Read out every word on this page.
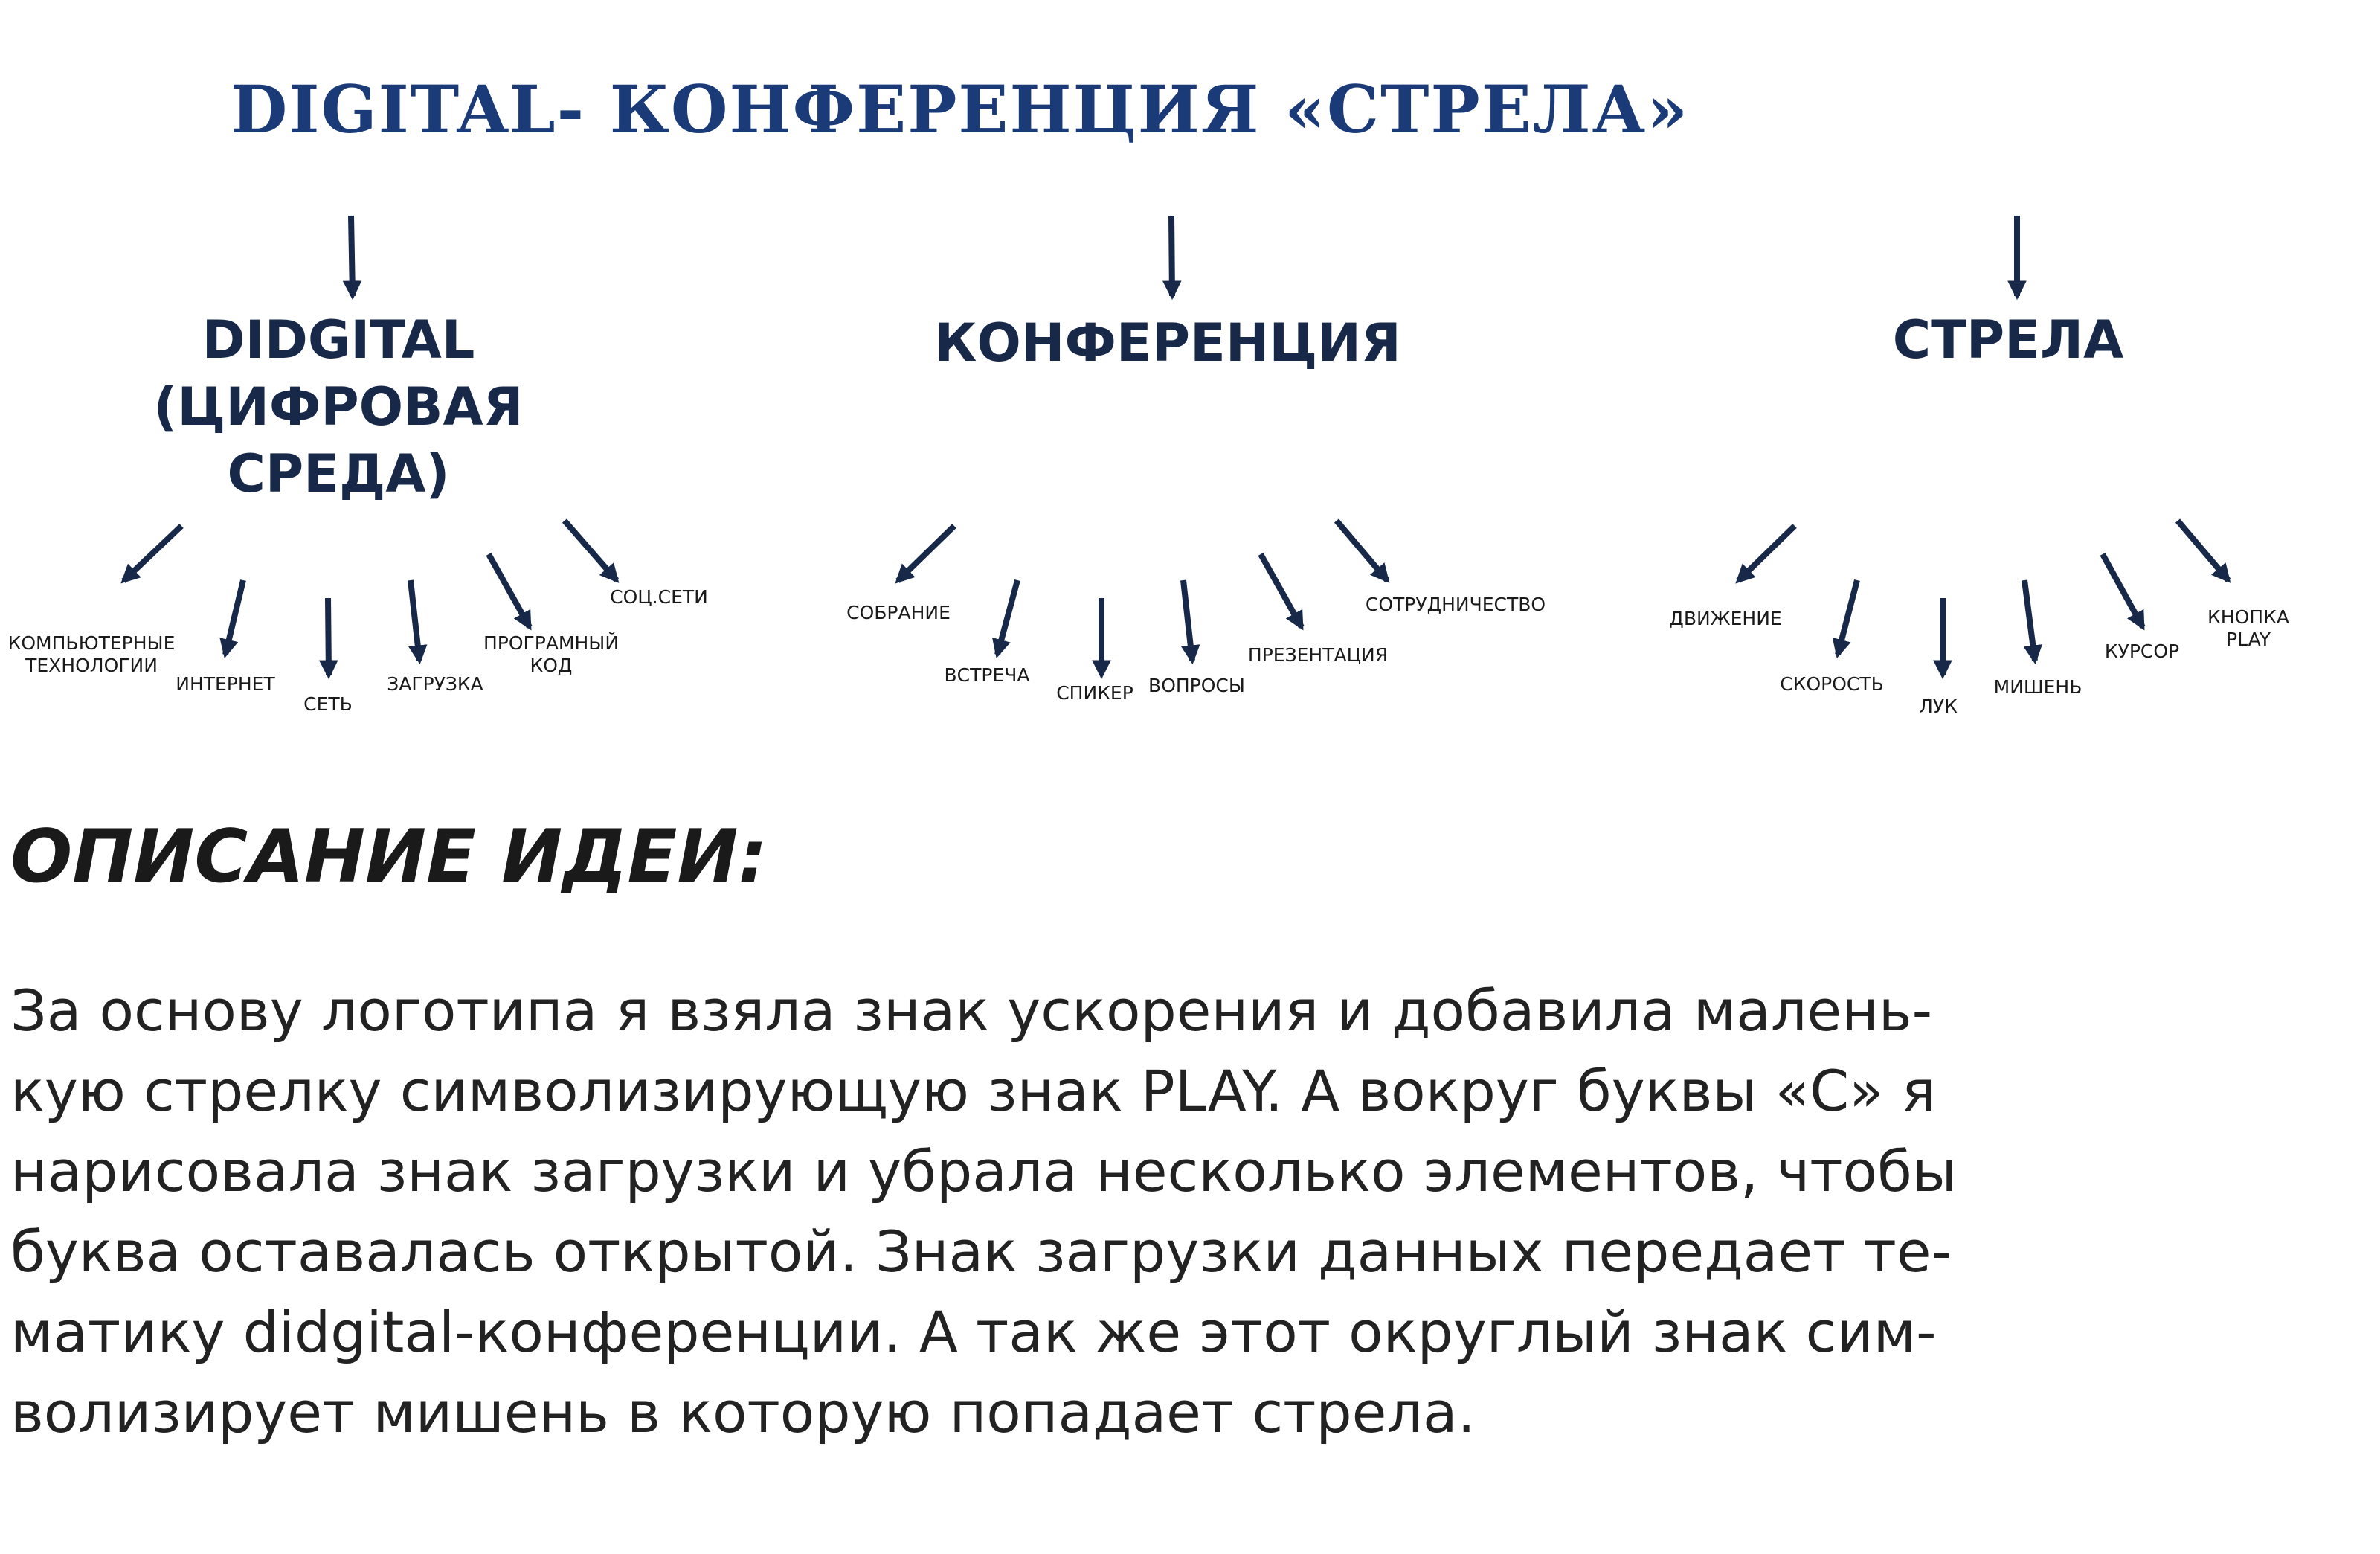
DIGITAL- КОНФЕРЕНЦИЯ «СТРЕЛА»
DIDGITAL
(ЦИФРОВАЯ
СРЕДА)
КОНФЕРЕНЦИЯ	СТРЕЛА
КОМПЬЮТЕРНЫЕ
ТЕХНОЛОГИИ
ИНТЕРНЕТ
СЕТЬ
ЗАГРУЗКА
ПРОГРАМНЫЙ
КОД
СОЦ.СЕТИ
СОБРАНИЕ
ВСТРЕЧА
СПИКЕР ВОПРОСЫ
ПРЕЗЕНТАЦИЯ
СОТРУДНИЧЕСТВО
ДВИЖЕНИЕ
СКОРОСТЬ
ЛУК
МИШЕНЬ
КУРСОР
КНОПКА
PLAY
ОПИСАНИЕ ИДЕИ:

За основу логотипа я взяла знак ускорения и добавила малень-
кую стрелку символизирующую знак PLAY. А вокруг буквы «С» я
нарисовала знак загрузки и убрала несколько элементов, чтобы
буква оставалась открытой. Знак загрузки данных передает те-
матику didgital-конференции. А так же этот округлый знак сим-
волизирует мишень в которую попадает стрела.
